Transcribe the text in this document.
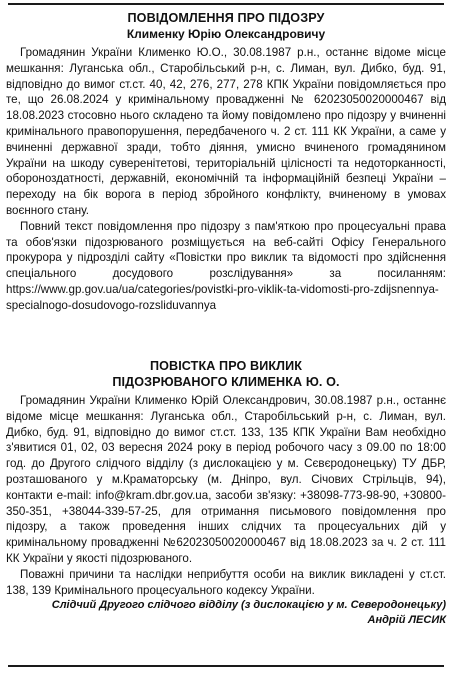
ПОВІДОМЛЕННЯ ПРО ПІДОЗРУ
Клименку Юрію Олександровичу

Громадянин України Клименко Ю.О., 30.08.1987 р.н., останнє відоме місце мешкання: Луганська обл., Старобільський р-н, с. Лиман, вул. Дибко, буд. 91, відповідно до вимог ст.ст. 40, 42, 276, 277, 278 КПК України повідомляється про те, що 26.08.2024 у кримінальному провадженні № 62023050020000467 від 18.08.2023 стосовно нього складено та йому повідомлено про підозру у вчиненні кримінального правопорушення, передбаченого ч. 2 ст. 111 КК України, а саме у вчиненні державної зради, тобто діяння, умисно вчиненого громадянином України на шкоду суверенітетові, територіальній цілісності та недоторканності, обороноздатності, державній, економічній та інформаційній безпеці України – переходу на бік ворога в період збройного конфлікту, вчиненому в умовах воєнного стану.

Повний текст повідомлення про підозру з пам'яткою про процесуальні права та обов'язки підозрюваного розміщується на веб-сайті Офісу Генерального прокурора у підрозділі сайту «Повістки про виклик та відомості про здійснення спеціального досудового розслідування» за посиланням: https://www.gp.gov.ua/ua/categories/povistki-pro-viklik-ta-vidomosti-pro-zdijsnennya-specialnogo-dosudovogo-rozsliduvannya

ПОВІСТКА ПРО ВИКЛИК
ПІДОЗРЮВАНОГО КЛИМЕНКА Ю. О.

Громадянин України Клименко Юрій Олександрович, 30.08.1987 р.н., останнє відоме місце мешкання: Луганська обл., Старобільський р-н, с. Лиман, вул. Дибко, буд. 91, відповідно до вимог ст.ст. 133, 135 КПК України Вам необхідно з'явитися 01, 02, 03 вересня 2024 року в період робочого часу з 09.00 по 18:00 год. до Другого слідчого відділу (з дислокацією у м. Сєвєродонецьку) ТУ ДБР, розташованого у м.Краматорську (м. Дніпро, вул. Січових Стрільців, 94), контакти e-mail: info@kram.dbr.gov.ua, засоби зв'язку: +38098-773-98-90, +30800-350-351, +38044-339-57-25, для отримання письмового повідомлення про підозру, а також проведення інших слідчих та процесуальних дій у кримінальному провадженні №62023050020000467 від 18.08.2023 за ч. 2 ст. 111 КК України у якості підозрюваного.

Поважні причини та наслідки неприбуття особи на виклик викладені у ст.ст. 138, 139 Кримінального процесуального кодексу України.

Слідчий Другого слідчого відділу (з дислокацією у м. Северодонецьку)
Андрій ЛЕСИК
